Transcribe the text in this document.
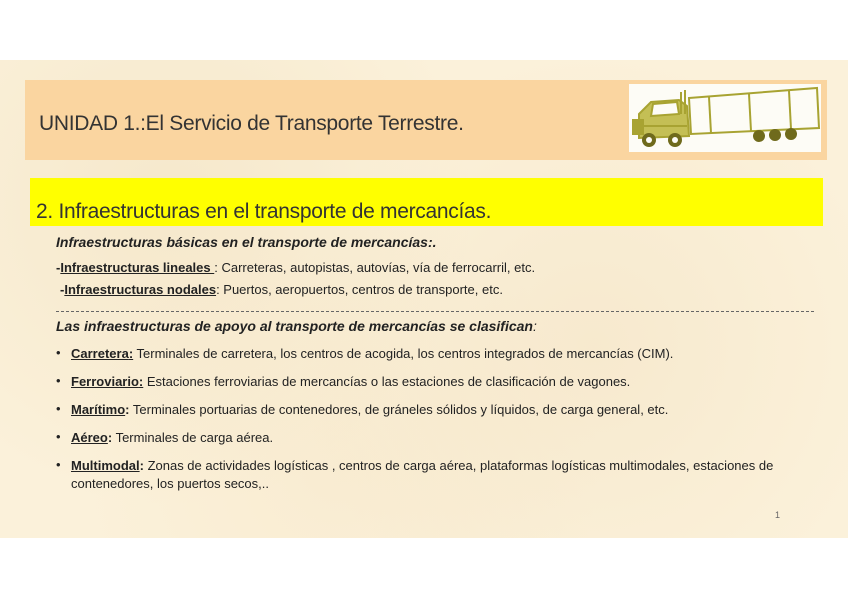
UNIDAD 1.:El Servicio de Transporte Terrestre.
2. Infraestructuras en el transporte de mercancías.
Infraestructuras básicas en el transporte de mercancías:.
-Infraestructuras lineales : Carreteras, autopistas, autovías, vía de ferrocarril, etc.
-Infraestructuras nodales: Puertos, aeropuertos, centros de transporte, etc.
Las infraestructuras de apoyo al transporte de mercancías se clasifican:
• Carretera: Terminales de carretera, los centros de acogida, los centros integrados de mercancías (CIM).
• Ferroviario: Estaciones ferroviarias de mercancías o las estaciones de clasificación de vagones.
• Marítimo: Terminales portuarias de contenedores, de gráneles sólidos y líquidos, de carga general, etc.
• Aéreo: Terminales de carga aérea.
• Multimodal: Zonas de actividades logísticas , centros de carga aérea, plataformas logísticas multimodales, estaciones de contenedores, los puertos secos,..
1
